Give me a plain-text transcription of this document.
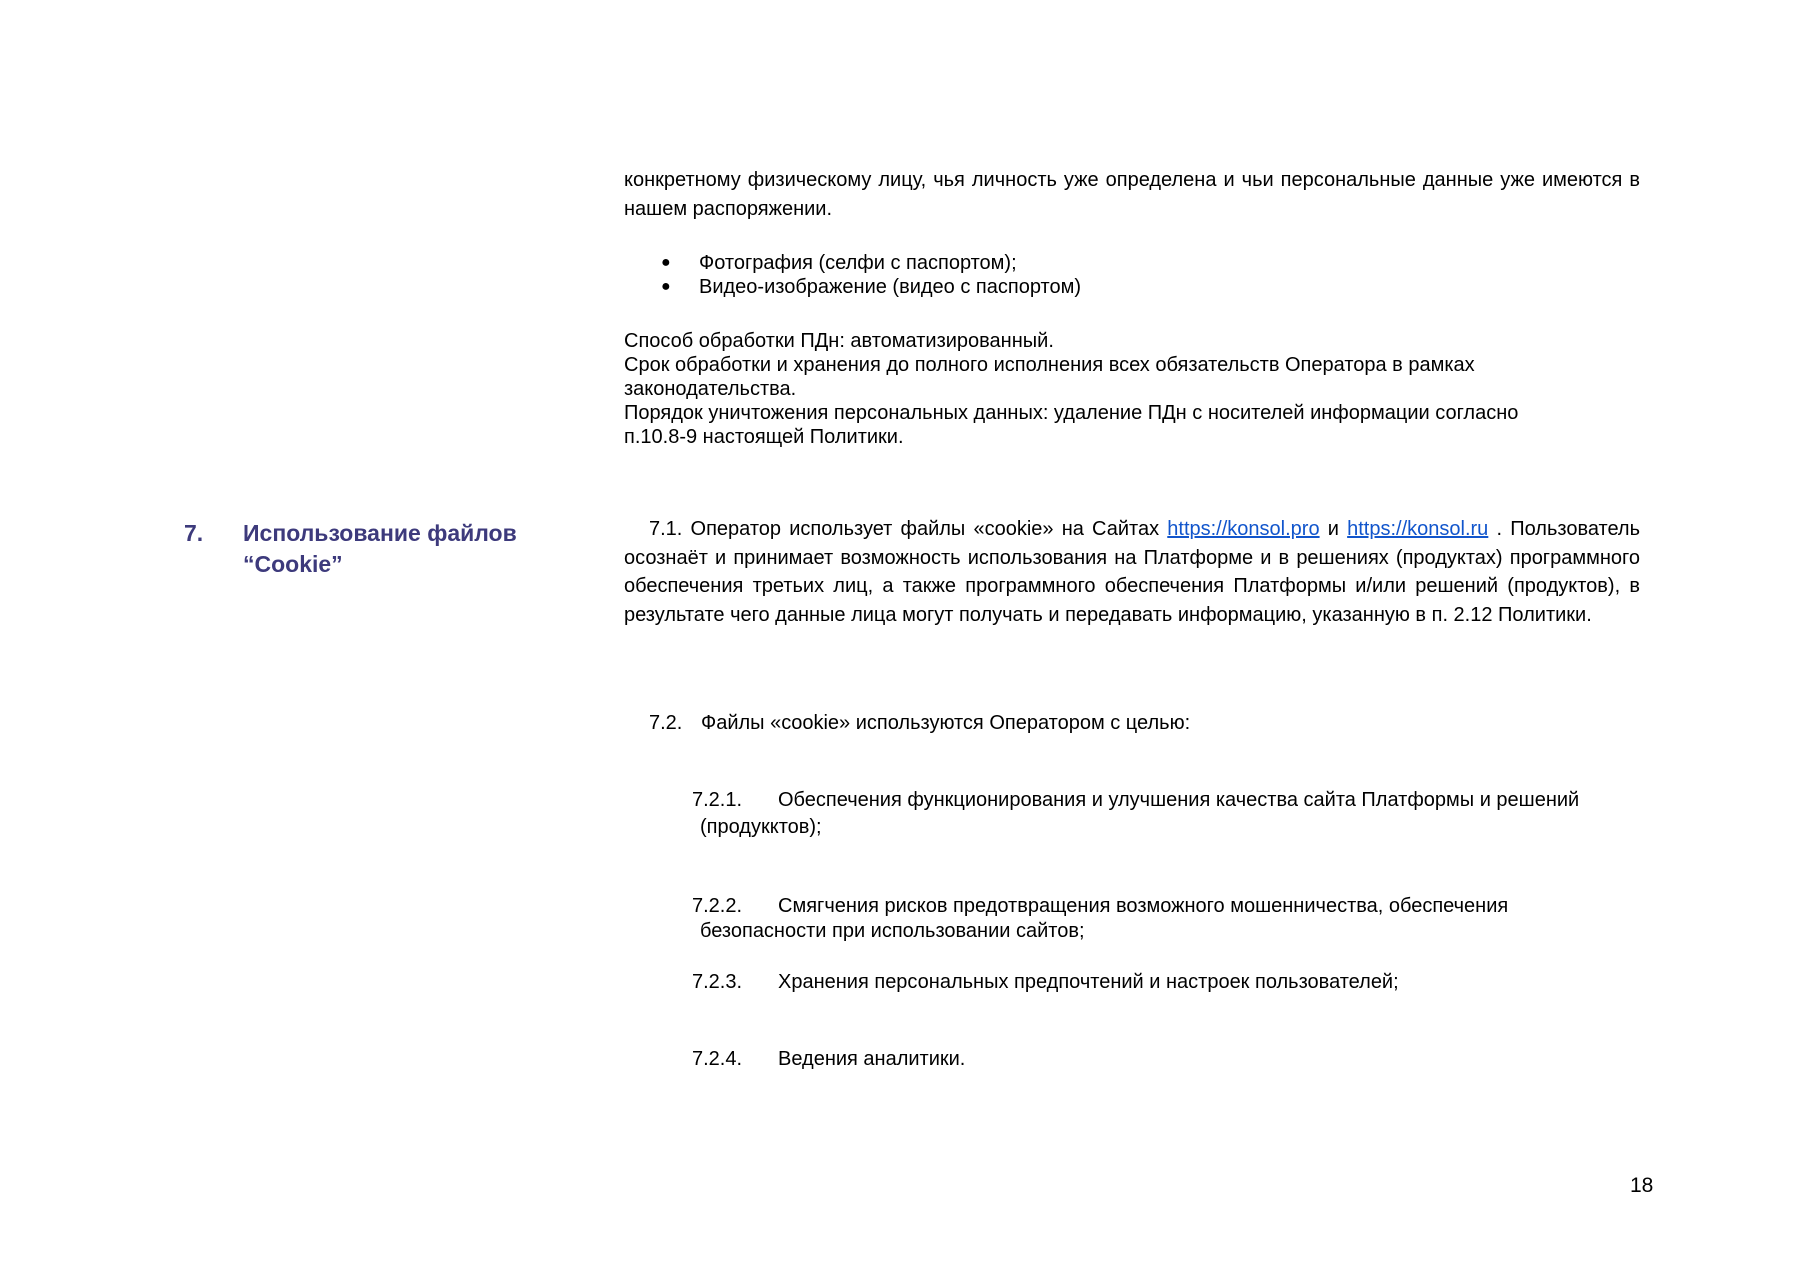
конкретному физическому лицу, чья личность уже определена и чьи персональные данные уже имеются в нашем распоряжении.
● Фотография (селфи с паспортом);
● Видео-изображение (видео с паспортом)
Способ обработки ПДн: автоматизированный.
Срок обработки и хранения до полного исполнения всех обязательств Оператора в рамках
законодательства.
Порядок уничтожения персональных данных: удаление ПДн с носителей информации согласно
п.10.8-9 настоящей Политики.
7. Использование файлов “Cookie”
7.1. Оператор использует файлы «cookie» на Сайтах https://konsol.pro и https://konsol.ru . Пользователь осознаёт и принимает возможность использования на Платформе и в решениях (продуктах) программного обеспечения третьих лиц, а также программного обеспечения Платформы и/или решений (продуктов), в результате чего данные лица могут получать и передавать информацию, указанную в п. 2.12 Политики.
7.2. Файлы «cookie» используются Оператором с целью:
7.2.1. Обеспечения функционирования и улучшения качества сайта Платформы и решений
(продукктов);
7.2.2. Смягчения рисков предотвращения возможного мошенничества, обеспечения
безопасности при использовании сайтов;
7.2.3. Хранения персональных предпочтений и настроек пользователей;
7.2.4. Ведения аналитики.
18
